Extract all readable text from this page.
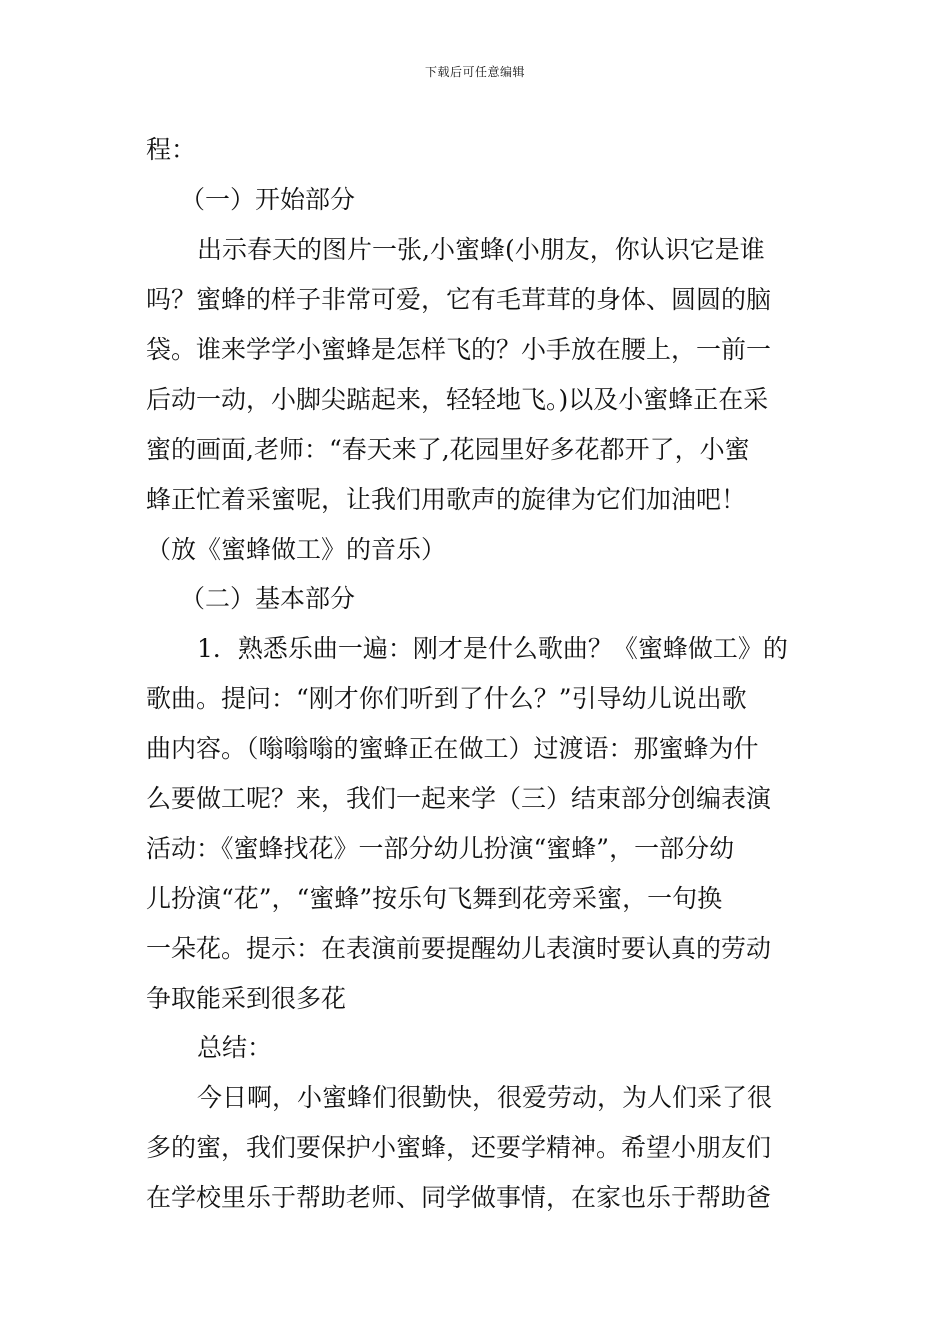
下载后可任意编辑
程：
（一）开始部分
出示春天的图片一张,小蜜蜂(小朋友，你认识它是谁
吗？蜜蜂的样子非常可爱，它有毛茸茸的身体、圆圆的脑
袋。谁来学学小蜜蜂是怎样飞的？小手放在腰上，一前一
后动一动，小脚尖踮起来，轻轻地飞。)以及小蜜蜂正在采
蜜的画面,老师：“春天来了,花园里好多花都开了，小蜜
蜂正忙着采蜜呢，让我们用歌声的旋律为它们加油吧！
（放《蜜蜂做工》的音乐）
（二）基本部分
1．熟悉乐曲一遍：刚才是什么歌曲？《蜜蜂做工》的
歌曲。提问：“刚才你们听到了什么？”引导幼儿说出歌
曲内容。（嗡嗡嗡的蜜蜂正在做工）过渡语：那蜜蜂为什
么要做工呢？来，我们一起来学（三）结束部分创编表演
活动：《蜜蜂找花》一部分幼儿扮演“蜜蜂”，一部分幼
儿扮演“花”，“蜜蜂”按乐句飞舞到花旁采蜜，一句换
一朵花。提示：在表演前要提醒幼儿表演时要认真的劳动
争取能采到很多花
总结：
今日啊，小蜜蜂们很勤快，很爱劳动，为人们采了很
多的蜜，我们要保护小蜜蜂，还要学精神。希望小朋友们
在学校里乐于帮助老师、同学做事情，在家也乐于帮助爸
